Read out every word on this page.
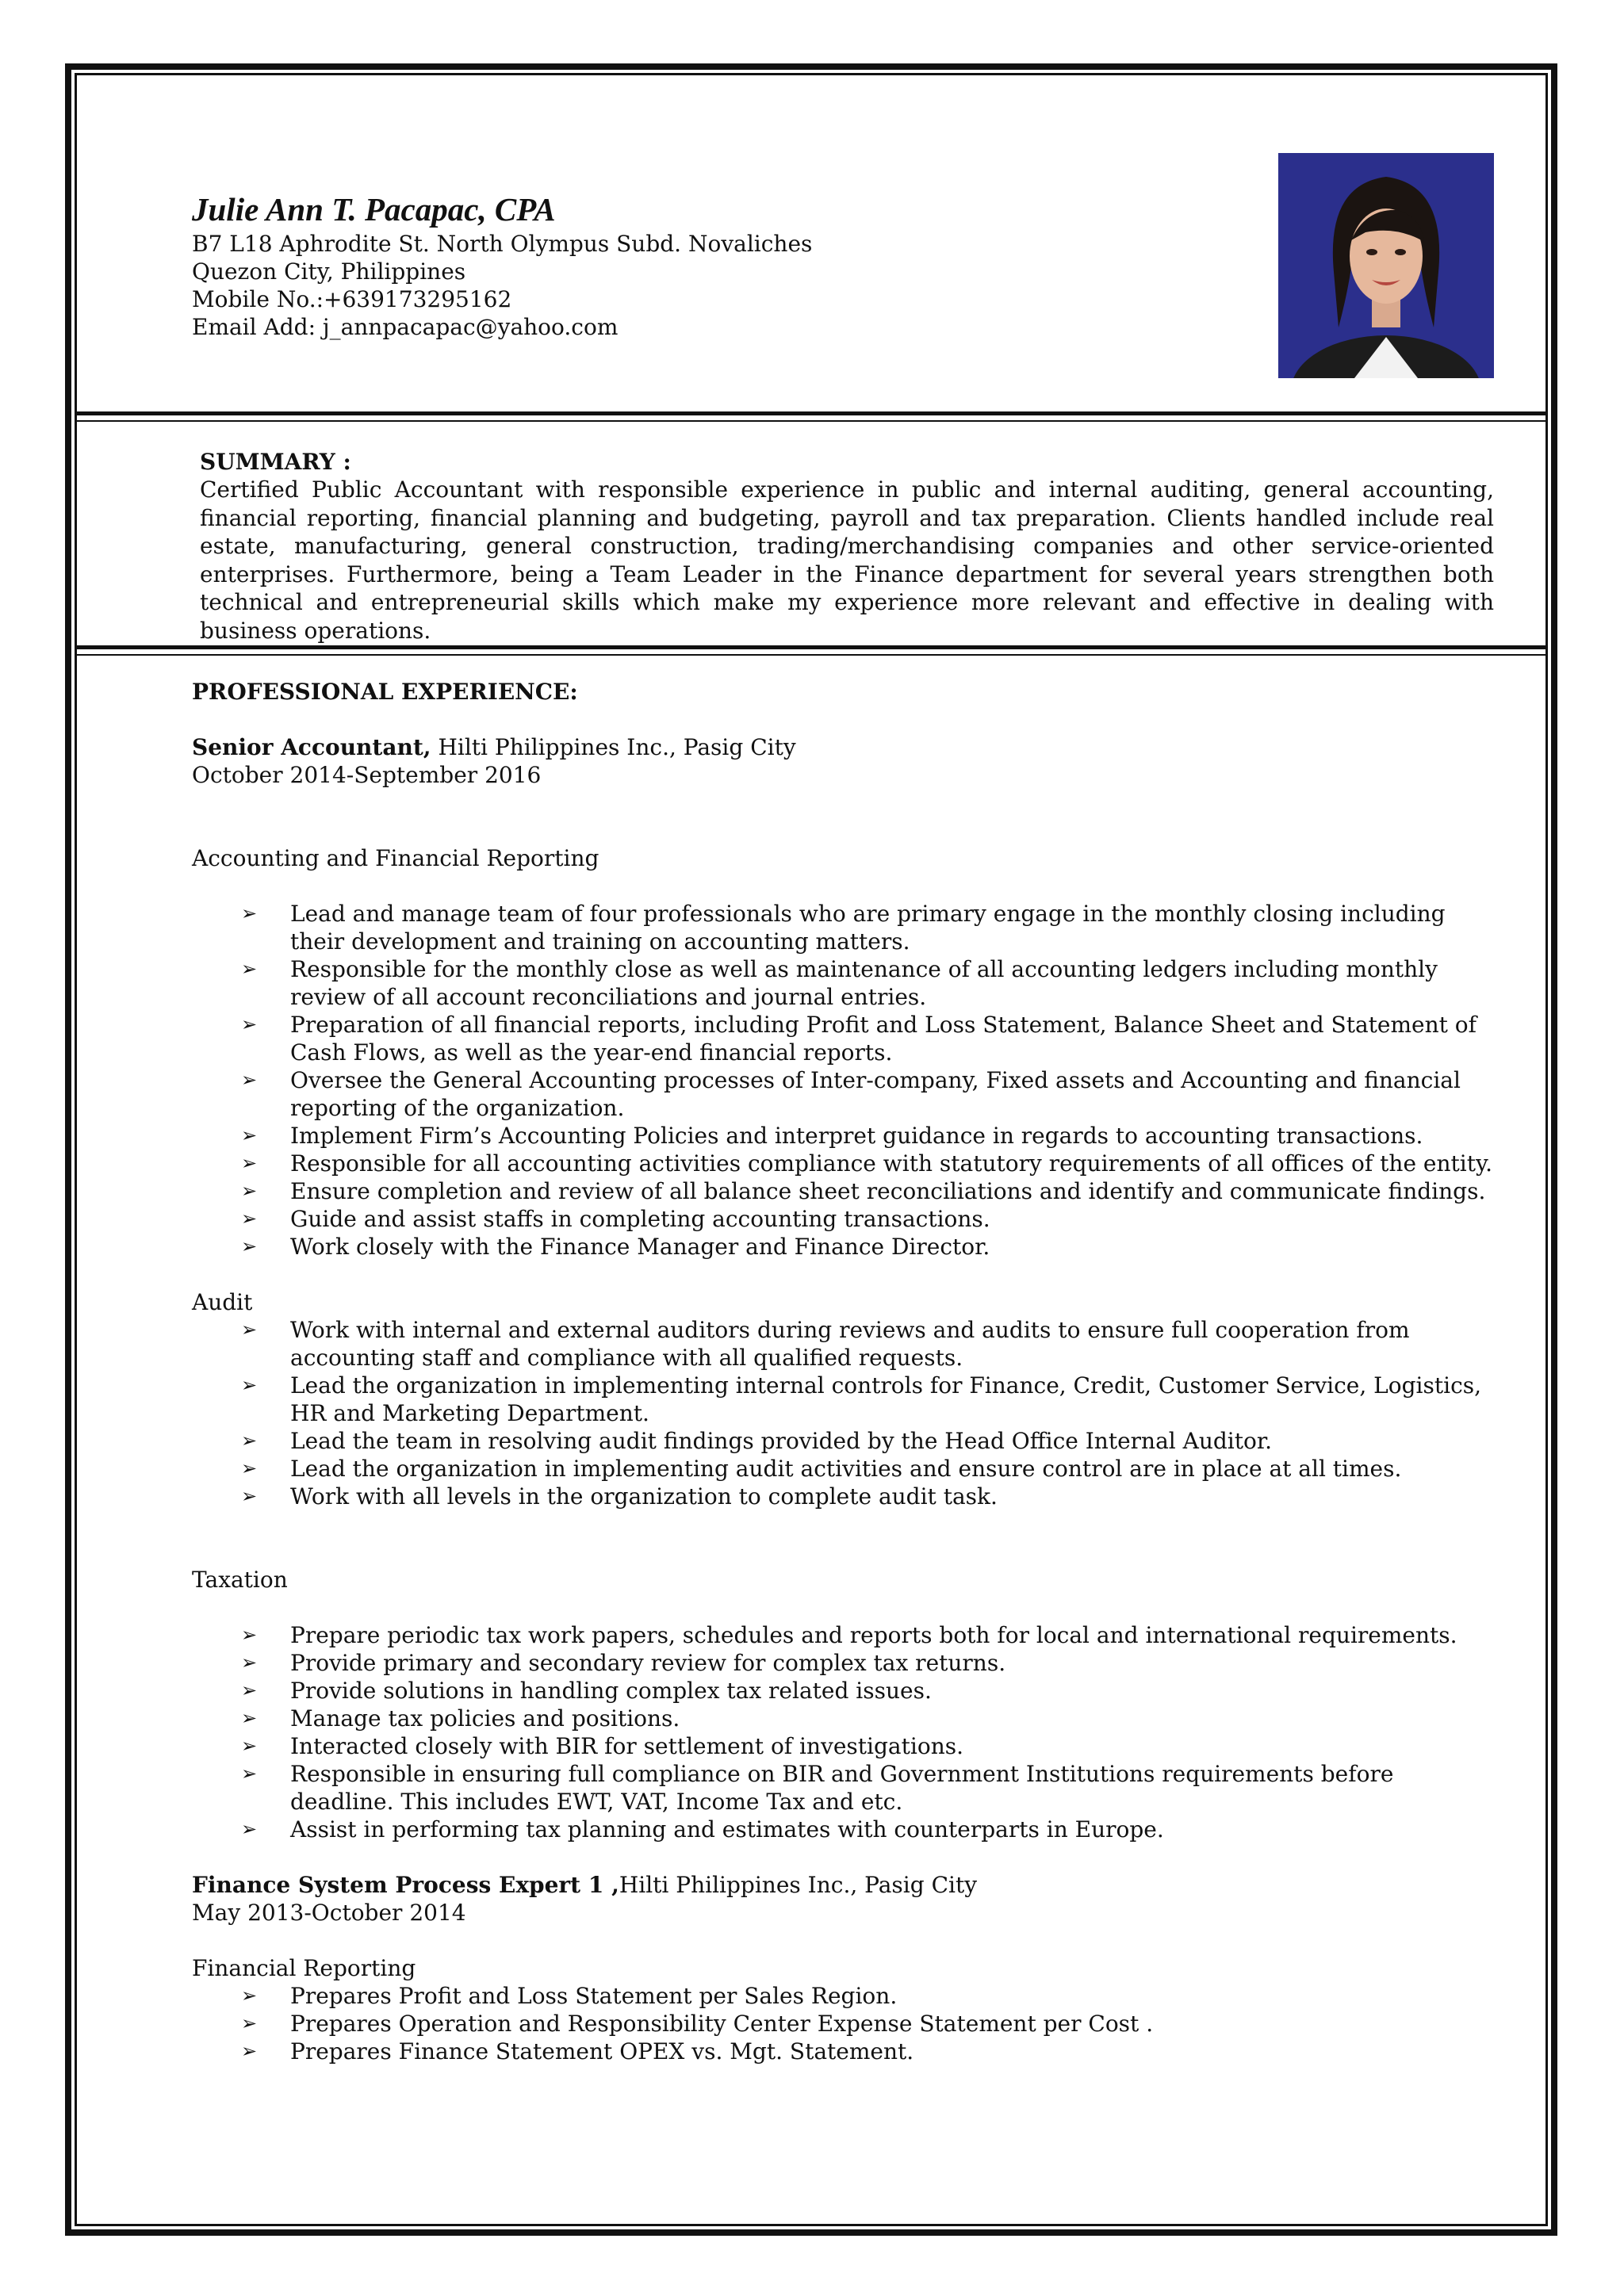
Julie Ann T. Pacapac, CPA
B7 L18 Aphrodite St. North Olympus Subd. Novaliches
Quezon City, Philippines
Mobile No.:+639173295162
Email Add: j_annpacapac@yahoo.com
SUMMARY :

Certified Public Accountant with responsible experience in public and internal auditing, general accounting, financial reporting, financial planning and budgeting, payroll and tax preparation. Clients handled include real estate, manufacturing, general construction, trading/merchandising companies and other service-oriented enterprises. Furthermore, being a Team Leader in the Finance department for several years strengthen both technical and entrepreneurial skills which make my experience more relevant and effective in dealing with business operations.

PROFESSIONAL EXPERIENCE:
Senior Accountant, Hilti Philippines Inc., Pasig City
October 2014-September 2016
Accounting and Financial Reporting
➢ Lead and manage team of four professionals who are primary engage in the monthly closing including their development and training on accounting matters.
➢ Responsible for the monthly close as well as maintenance of all accounting ledgers including monthly review of all account reconciliations and journal entries.
➢ Preparation of all financial reports, including Profit and Loss Statement, Balance Sheet and Statement of Cash Flows, as well as the year-end financial reports.
➢ Oversee the General Accounting processes of Inter-company, Fixed assets and Accounting and financial reporting of the organization.
➢ Implement Firm’s Accounting Policies and interpret guidance in regards to accounting transactions.
➢ Responsible for all accounting activities compliance with statutory requirements of all offices of the entity.
➢ Ensure completion and review of all balance sheet reconciliations and identify and communicate findings.
➢ Guide and assist staffs in completing accounting transactions.
➢ Work closely with the Finance Manager and Finance Director.
Audit
➢ Work with internal and external auditors during reviews and audits to ensure full cooperation from accounting staff and compliance with all qualified requests.
➢ Lead the organization in implementing internal controls for Finance, Credit, Customer Service, Logistics, HR and Marketing Department.
➢ Lead the team in resolving audit findings provided by the Head Office Internal Auditor.
➢ Lead the organization in implementing audit activities and ensure control are in place at all times.
➢ Work with all levels in the organization to complete audit task.
Taxation
➢ Prepare periodic tax work papers, schedules and reports both for local and international requirements.
➢ Provide primary and secondary review for complex tax returns.
➢ Provide solutions in handling complex tax related issues.
➢ Manage tax policies and positions.
➢ Interacted closely with BIR for settlement of investigations.
➢ Responsible in ensuring full compliance on BIR and Government Institutions requirements before deadline. This includes EWT, VAT, Income Tax and etc.
➢ Assist in performing tax planning and estimates with counterparts in Europe.
Finance System Process Expert 1 ,Hilti Philippines Inc., Pasig City
May 2013-October 2014
Financial Reporting
➢ Prepares Profit and Loss Statement per Sales Region.
➢ Prepares Operation and Responsibility Center Expense Statement per Cost .
➢ Prepares Finance Statement OPEX vs. Mgt. Statement.
